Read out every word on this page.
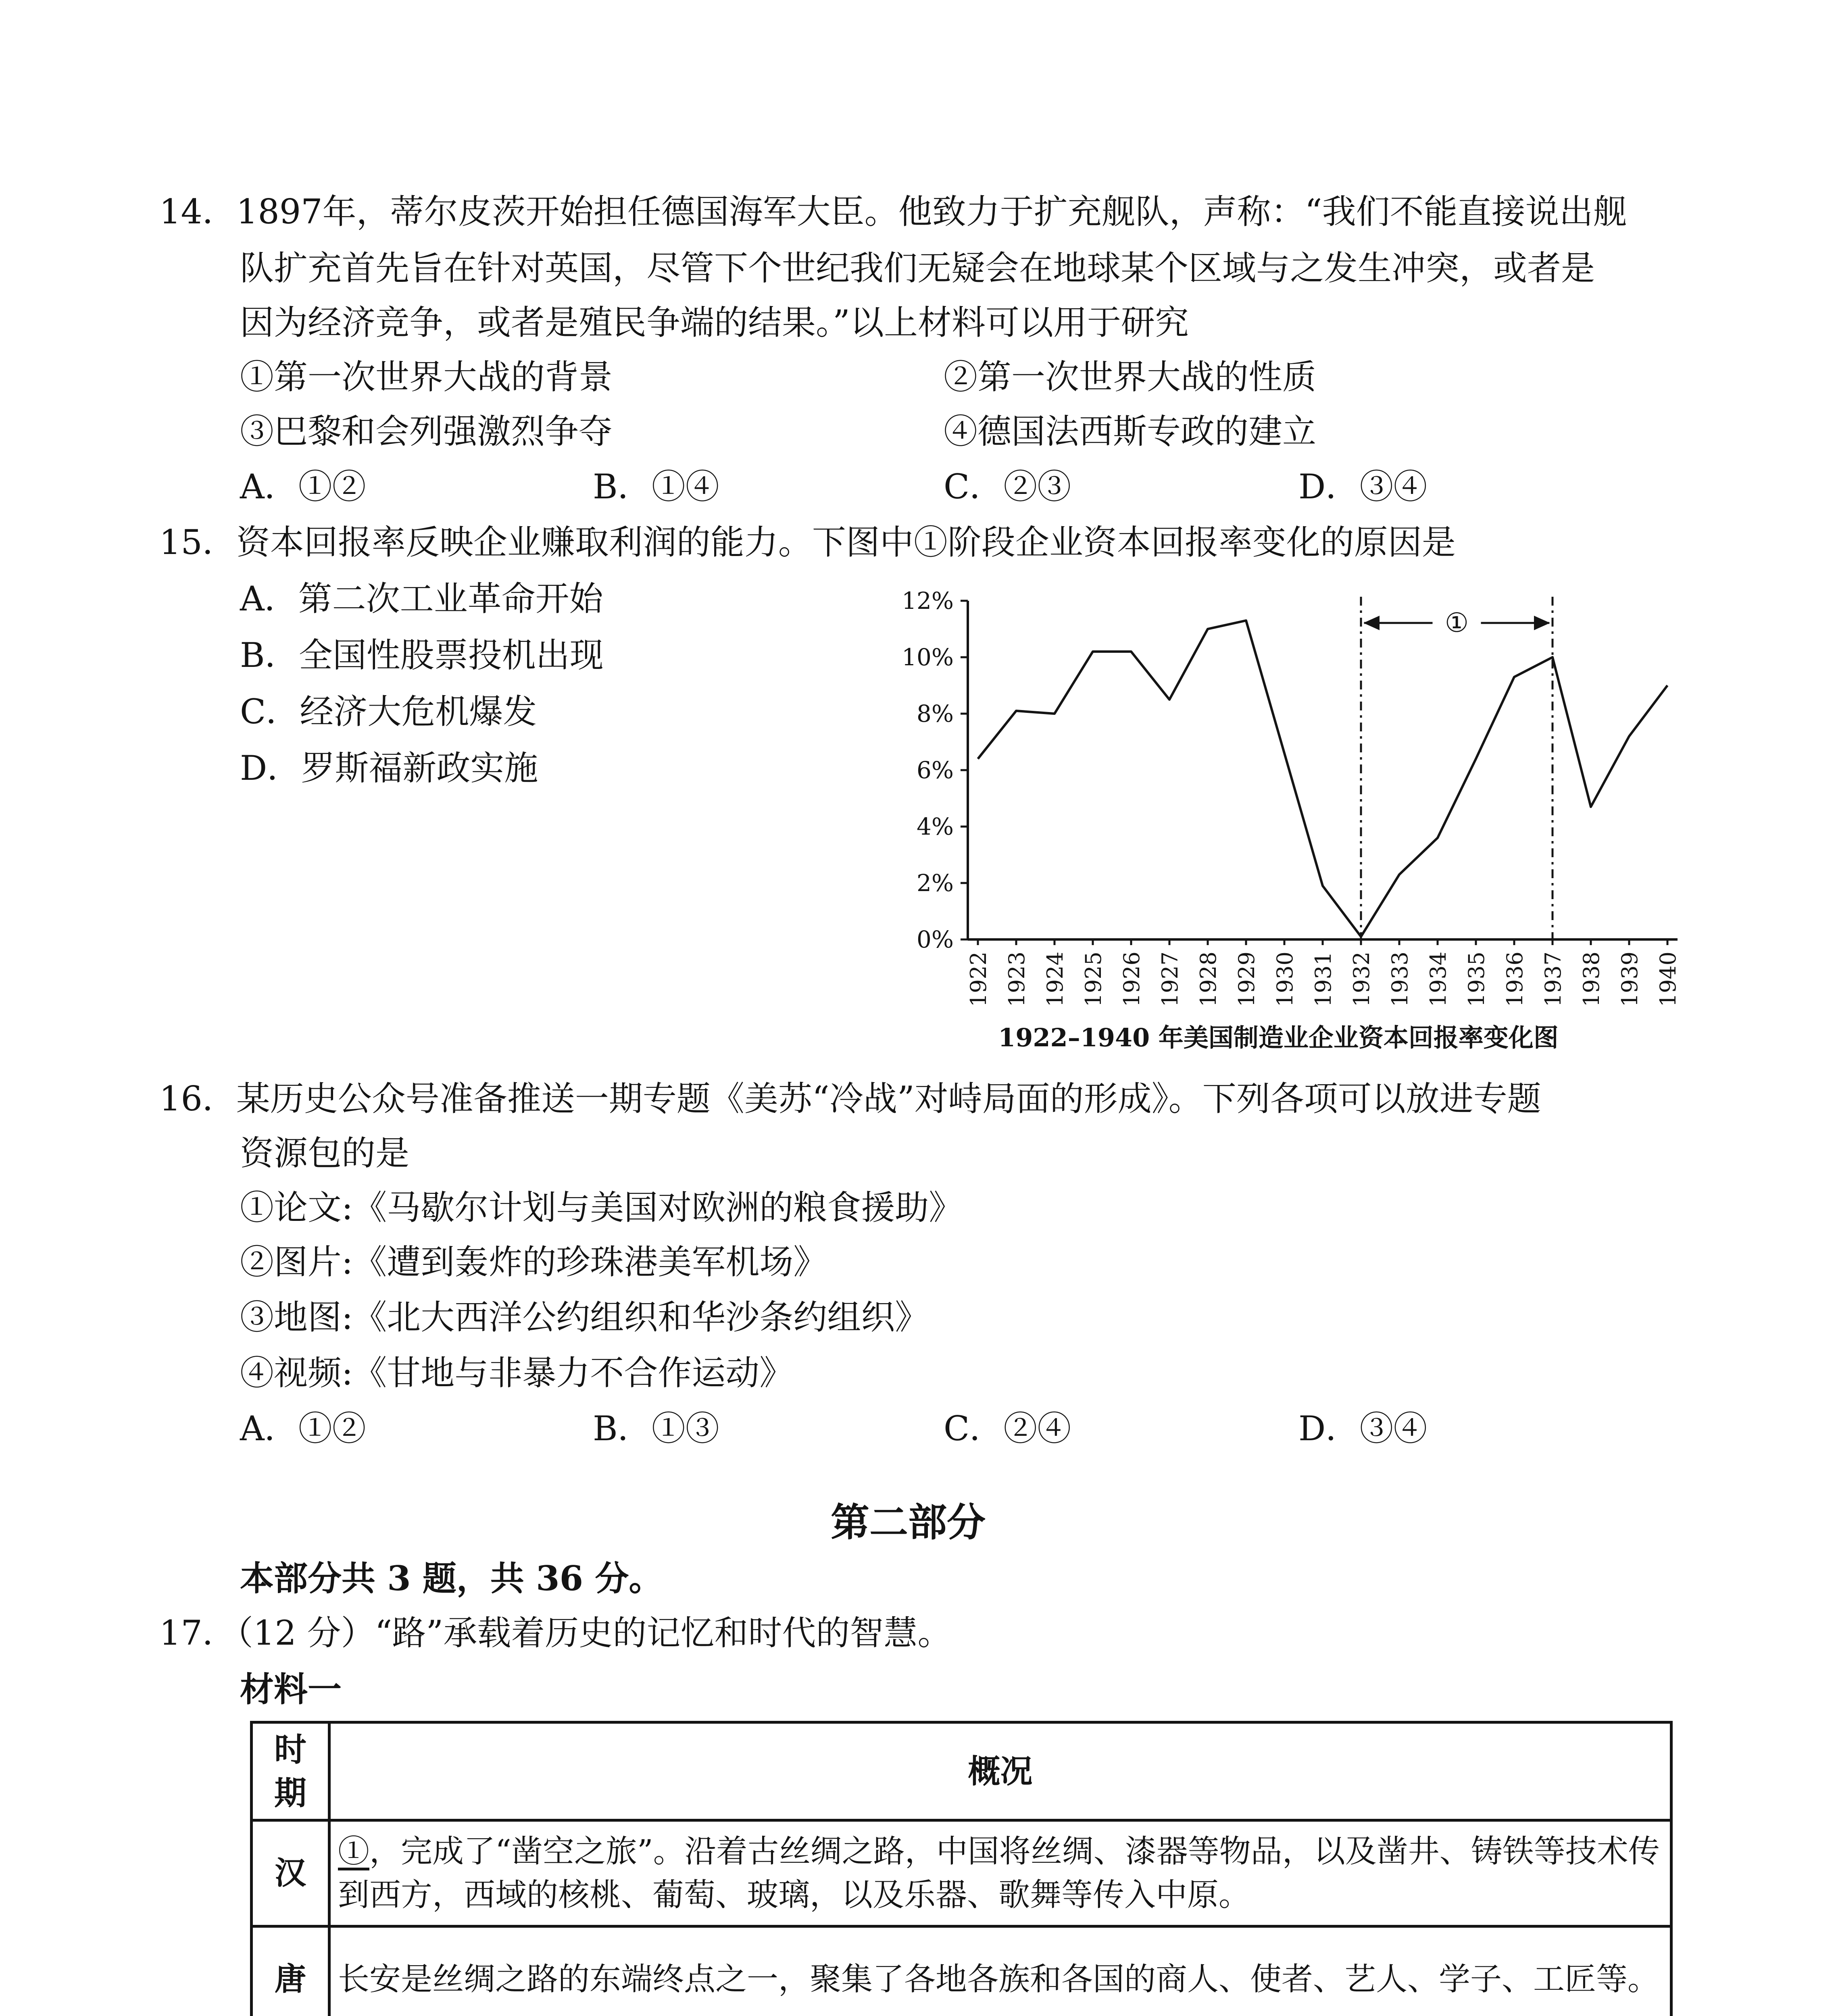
14．1897年，蒂尔皮茨开始担任德国海军大臣。他致力于扩充舰队，声称：“我们不能直接说出舰
队扩充首先旨在针对英国，尽管下个世纪我们无疑会在地球某个区域与之发生冲突，或者是
因为经济竞争，或者是殖民争端的结果。”以上材料可以用于研究
①第一次世界大战的背景	②第一次世界大战的性质
③巴黎和会列强激烈争夺	④德国法西斯专政的建立
A．①②	B．①④	C．②③	D．③④
15．资本回报率反映企业赚取利润的能力。下图中①阶段企业资本回报率变化的原因是
A．第二次工业革命开始
B．全国性股票投机出现
C．经济大危机爆发
D．罗斯福新政实施
0%
2%
4%
6%
8%
10%
12%
1922 1923 1924 1925 1926 1927 1928 1929 1930 1931 1932 1933 1934 1935 1936 1937 1938 1939 1940
①
1922–1940 年美国制造业企业资本回报率变化图
16．某历史公众号准备推送一期专题《美苏“冷战”对峙局面的形成》。下列各项可以放进专题
资源包的是
①论文:《马歇尔计划与美国对欧洲的粮食援助》
②图片:《遭到轰炸的珍珠港美军机场》
③地图:《北大西洋公约组织和华沙条约组织》
④视频:《甘地与非暴力不合作运动》
A．①②	B．①③	C．②④	D．③④
第二部分
本部分共 3 题，共 36 分。
17．（12 分）“路”承载着历史的记忆和时代的智慧。
材料一
时期	概况
汉	①，完成了“凿空之旅”。沿着古丝绸之路，中国将丝绸、漆器等物品，以及凿井、铸铁等技术传到西方，西域的核桃、葡萄、玻璃，以及乐器、歌舞等传入中原。
唐	长安是丝绸之路的东端终点之一，聚集了各地各族和各国的商人、使者、艺人、学子、工匠等。
